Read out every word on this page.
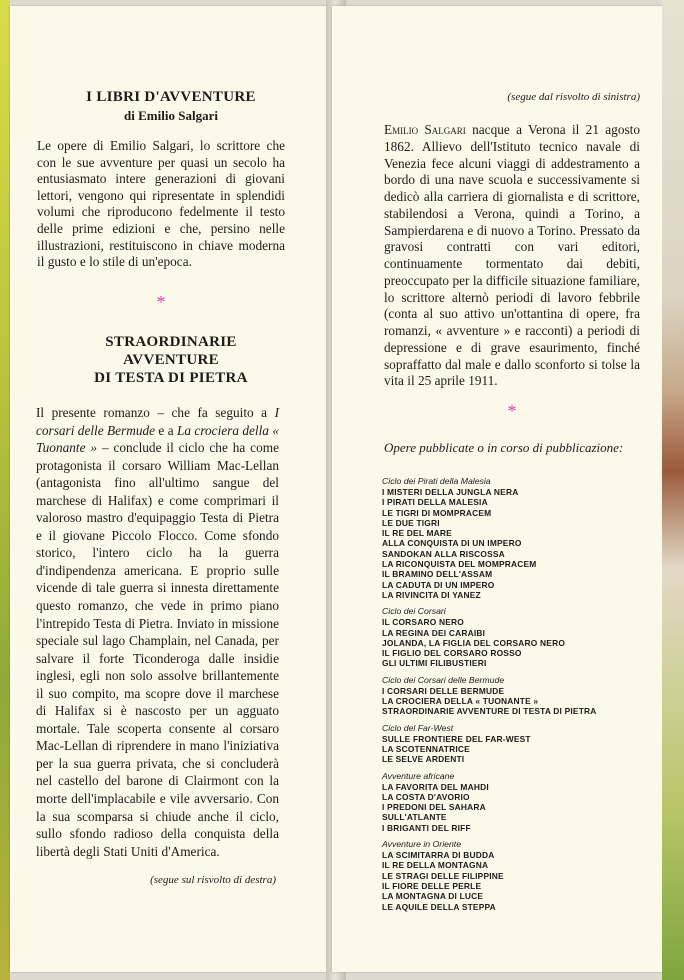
I LIBRI D'AVVENTURE
di Emilio Salgari

Le opere di Emilio Salgari, lo scrittore che con le sue avventure per quasi un secolo ha entusiasmato intere generazioni di giovani lettori, vengono qui ripresentate in splendidi volumi che riproducono fedelmente il testo delle prime edizioni e che, persino nelle illustrazioni, restituiscono in chiave moderna il gusto e lo stile di un'epoca.

*
STRAORDINARIE
AVVENTURE
DI TESTA DI PIETRA

Il presente romanzo – che fa seguito a I corsari delle Bermude e a La crociera della « Tuonante » – conclude il ciclo che ha come protagonista il corsaro William Mac-Lellan (antagonista fino all'ultimo sangue del marchese di Halifax) e come comprimari il valoroso mastro d'equipaggio Testa di Pietra e il giovane Piccolo Flocco. Come sfondo storico, l'intero ciclo ha la guerra d'indipendenza americana. E proprio sulle vicende di tale guerra si innesta direttamente questo romanzo, che vede in primo piano l'intrepido Testa di Pietra. Inviato in missione speciale sul lago Champlain, nel Canada, per salvare il forte Ticonderoga dalle insidie inglesi, egli non solo assolve brillantemente il suo compito, ma scopre dove il marchese di Halifax si è nascosto per un agguato mortale. Tale scoperta consente al corsaro Mac-Lellan di riprendere in mano l'iniziativa per la sua guerra privata, che si concluderà nel castello del barone di Clairmont con la morte dell'implacabile e vile avversario. Con la sua scomparsa si chiude anche il ciclo, sullo sfondo radioso della conquista della libertà degli Stati Uniti d'America.

(segue sul risvolto di destra)
(segue dal risvolto di sinistra)

Emilio Salgari nacque a Verona il 21 agosto 1862. Allievo dell'Istituto tecnico navale di Venezia fece alcuni viaggi di addestramento a bordo di una nave scuola e successivamente si dedicò alla carriera di giornalista e di scrittore, stabilendosi a Verona, quindi a Torino, a Sampierdarena e di nuovo a Torino. Pressato da gravosi contratti con vari editori, continuamente tormentato dai debiti, preoccupato per la difficile situazione familiare, lo scrittore alternò periodi di lavoro febbrile (conta al suo attivo un'ottantina di opere, fra romanzi, « avventure » e racconti) a periodi di depressione e di grave esaurimento, finché sopraffatto dal male e dallo sconforto si tolse la vita il 25 aprile 1911.

*

Opere pubblicate o in corso di pubblicazione:

Ciclo dei Pirati della Malesia
I MISTERI DELLA JUNGLA NERA
I PIRATI DELLA MALESIA
LE TIGRI DI MOMPRACEM
LE DUE TIGRI
IL RE DEL MARE
ALLA CONQUISTA DI UN IMPERO
SANDOKAN ALLA RISCOSSA
LA RICONQUISTA DEL MOMPRACEM
IL BRAMINO DELL'ASSAM
LA CADUTA DI UN IMPERO
LA RIVINCITA DI YANEZ
Ciclo dei Corsari
IL CORSARO NERO
LA REGINA DEI CARAIBI
JOLANDA, LA FIGLIA DEL CORSARO NERO
IL FIGLIO DEL CORSARO ROSSO
GLI ULTIMI FILIBUSTIERI
Ciclo dei Corsari delle Bermude
I CORSARI DELLE BERMUDE
LA CROCIERA DELLA « TUONANTE »
STRAORDINARIE AVVENTURE DI TESTA DI PIETRA
Ciclo del Far-West
SULLE FRONTIERE DEL FAR-WEST
LA SCOTENNATRICE
LE SELVE ARDENTI
Avventure africane
LA FAVORITA DEL MAHDI
LA COSTA D'AVORIO
I PREDONI DEL SAHARA
SULL'ATLANTE
I BRIGANTI DEL RIFF
Avventure in Oriente
LA SCIMITARRA DI BUDDA
IL RE DELLA MONTAGNA
LE STRAGI DELLE FILIPPINE
IL FIORE DELLE PERLE
LA MONTAGNA DI LUCE
LE AQUILE DELLA STEPPA
